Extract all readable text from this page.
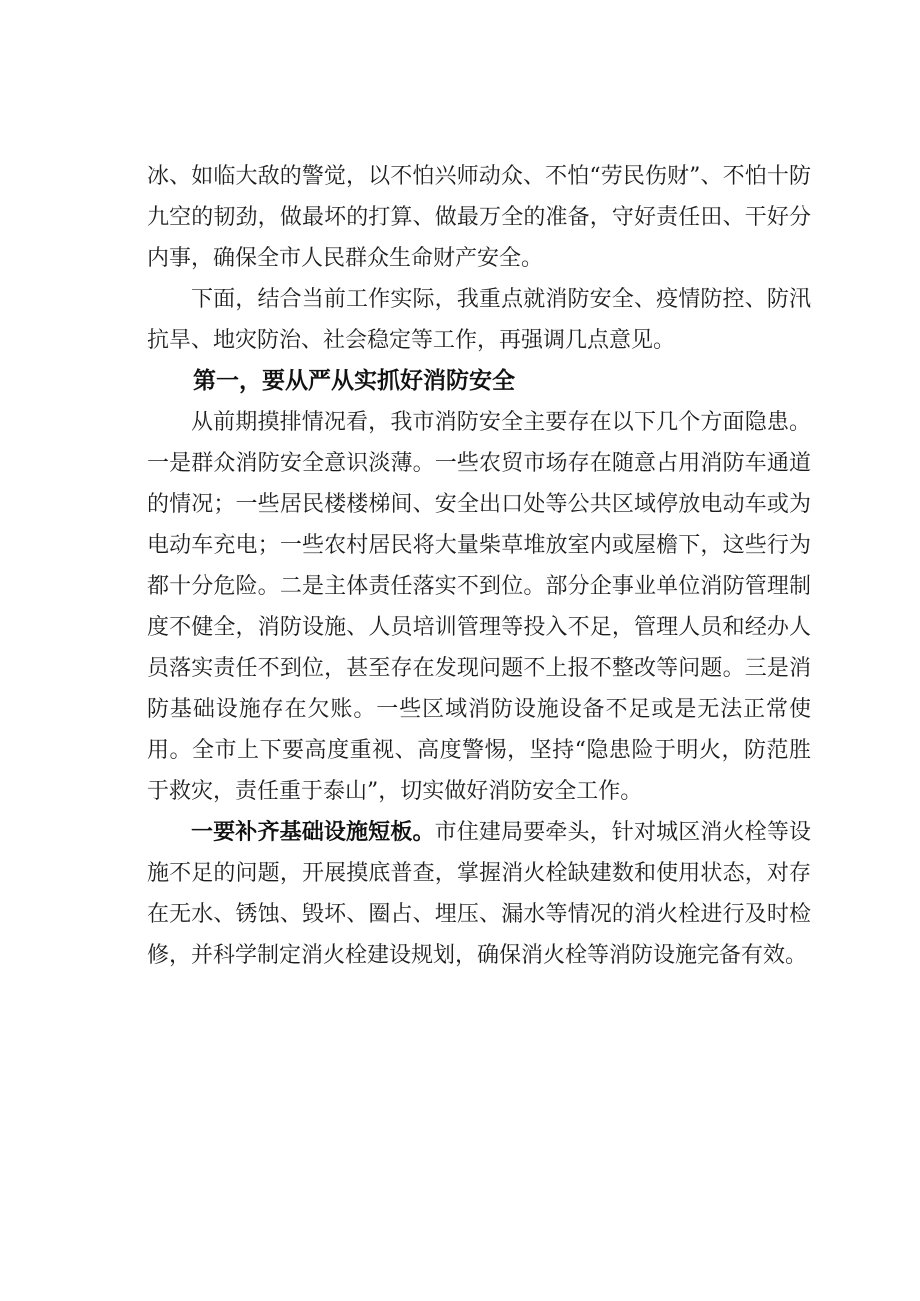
冰、如临大敌的警觉，以不怕兴师动众、不怕“劳民伤财”、不怕十防九空的韧劲，做最坏的打算、做最万全的准备，守好责任田、干好分内事，确保全市人民群众生命财产安全。

下面，结合当前工作实际，我重点就消防安全、疫情防控、防汛抗旱、地灾防治、社会稳定等工作，再强调几点意见。

第一，要从严从实抓好消防安全

从前期摸排情况看，我市消防安全主要存在以下几个方面隐患。一是群众消防安全意识淡薄。一些农贸市场存在随意占用消防车通道的情况；一些居民楼楼梯间、安全出口处等公共区域停放电动车或为电动车充电；一些农村居民将大量柴草堆放室内或屋檐下，这些行为都十分危险。二是主体责任落实不到位。部分企事业单位消防管理制度不健全，消防设施、人员培训管理等投入不足，管理人员和经办人员落实责任不到位，甚至存在发现问题不上报不整改等问题。三是消防基础设施存在欠账。一些区域消防设施设备不足或是无法正常使用。全市上下要高度重视、高度警惕，坚持“隐患险于明火，防范胜于救灾，责任重于泰山”，切实做好消防安全工作。

一要补齐基础设施短板。市住建局要牵头，针对城区消火栓等设施不足的问题，开展摸底普查，掌握消火栓缺建数和使用状态，对存在无水、锈蚀、毁坏、圈占、埋压、漏水等情况的消火栓进行及时检修，并科学制定消火栓建设规划，确保消火栓等消防设施完备有效。
